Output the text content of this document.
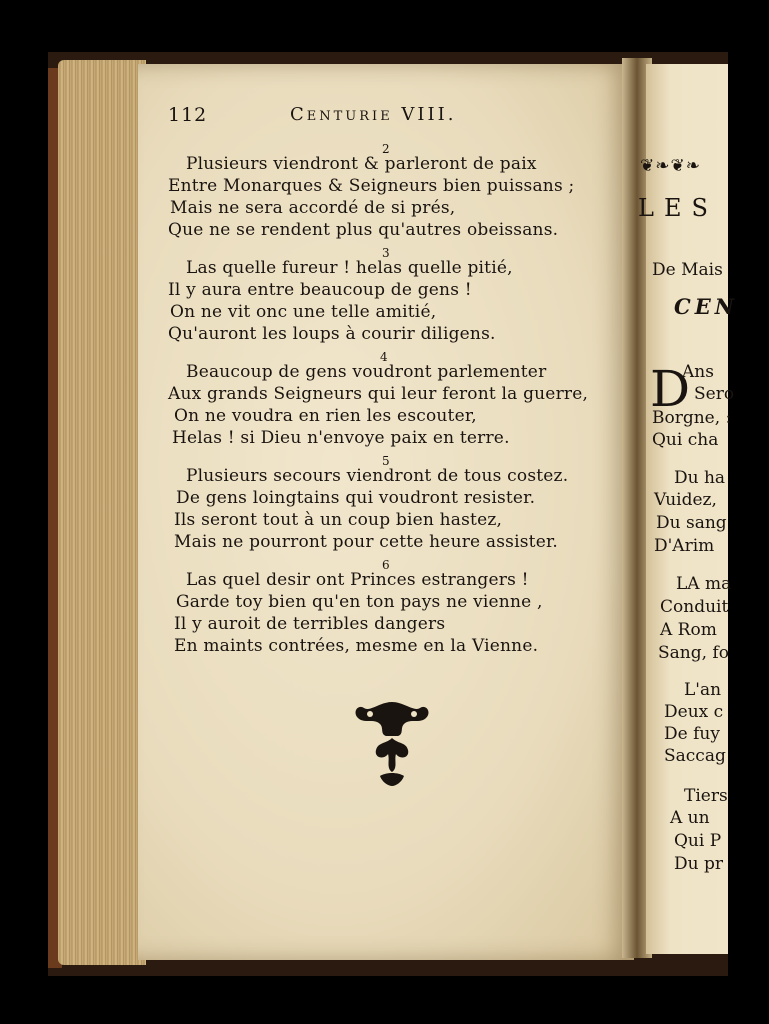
112	Centurie VIII.
2
Plusieurs viendront & parleront de paix
Entre Monarques & Seigneurs bien puissans ;
Mais ne sera accordé de si prés,
Que ne se rendent plus qu'autres obeissans.
3
Las quelle fureur ! helas quelle pitié,
Il y aura entre beaucoup de gens !
On ne vit onc une telle amitié,
Qu'auront les loups à courir diligens.
4
Beaucoup de gens voudront parlementer
Aux grands Seigneurs qui leur feront la guerre,
On ne voudra en rien les escouter,
Helas ! si Dieu n'envoye paix en terre.
5
Plusieurs secours viendront de tous costez.
De gens loingtains qui voudront resister.
Ils seront tout à un coup bien hastez,
Mais ne pourront pour cette heure assister.
6
Las quel desir ont Princes estrangers !
Garde toy bien qu'en ton pays ne vienne ,
Il y auroit de terribles dangers
En maints contrées, mesme en la Vienne.
❦❧❦❧
LES
De Mais
CEN
D
Ans
Sero
Borgne, :
Qui cha
Du ha
Vuidez,
Du sang
D'Arim
LA ma
Conduit
A Rom
Sang, fo
L'an
Deux c
De fuy
Saccag
Tiers
A un
Qui P
Du pr
